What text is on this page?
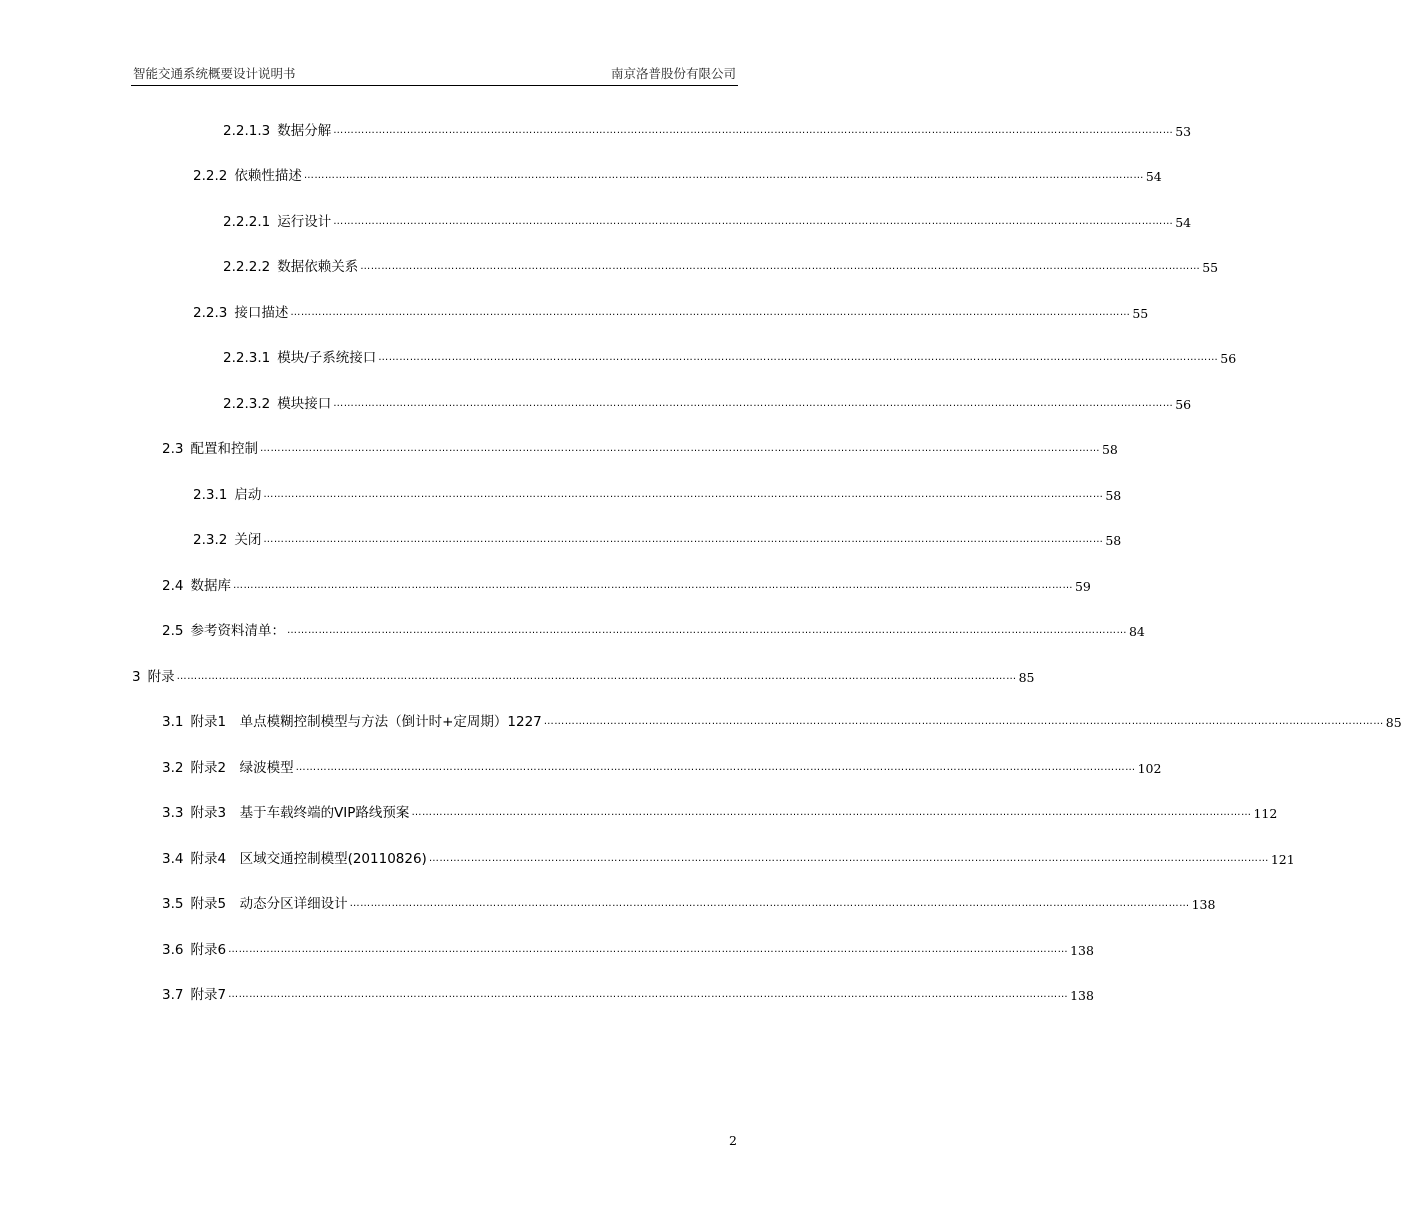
智能交通系统概要设计说明书	南京洛普股份有限公司
2.2.1.3 数据分解 …………………………………………………………………………………………………………………………………………………………………………………………………………………… 53
2.2.2 依赖性描述 …………………………………………………………………………………………………………………………………………………………………………………………………………………… 54
2.2.2.1 运行设计 …………………………………………………………………………………………………………………………………………………………………………………………………………………… 54
2.2.2.2 数据依赖关系 …………………………………………………………………………………………………………………………………………………………………………………………………………………… 55
2.2.3 接口描述 …………………………………………………………………………………………………………………………………………………………………………………………………………………… 55
2.2.3.1 模块/子系统接口 …………………………………………………………………………………………………………………………………………………………………………………………………………………… 56
2.2.3.2 模块接口 …………………………………………………………………………………………………………………………………………………………………………………………………………………… 56
2.3 配置和控制 …………………………………………………………………………………………………………………………………………………………………………………………………………………… 58
2.3.1 启动 …………………………………………………………………………………………………………………………………………………………………………………………………………………… 58
2.3.2 关闭 …………………………………………………………………………………………………………………………………………………………………………………………………………………… 58
2.4 数据库 …………………………………………………………………………………………………………………………………………………………………………………………………………………… 59
2.5 参考资料清单： …………………………………………………………………………………………………………………………………………………………………………………………………………………… 84
3 附录 …………………………………………………………………………………………………………………………………………………………………………………………………………………… 85
3.1 附录1　单点模糊控制模型与方法（倒计时+定周期）1227 …………………………………………………………………………………………………………………………………………………………………………………………………………………… 85
3.2 附录2　绿波模型 …………………………………………………………………………………………………………………………………………………………………………………………………………………… 102
3.3 附录3　基于车载终端的VIP路线预案 …………………………………………………………………………………………………………………………………………………………………………………………………………………… 112
3.4 附录4　区域交通控制模型(20110826) …………………………………………………………………………………………………………………………………………………………………………………………………………………… 121
3.5 附录5　动态分区详细设计 …………………………………………………………………………………………………………………………………………………………………………………………………………………… 138
3.6 附录6 …………………………………………………………………………………………………………………………………………………………………………………………………………………… 138
3.7 附录7 …………………………………………………………………………………………………………………………………………………………………………………………………………………… 138
2
